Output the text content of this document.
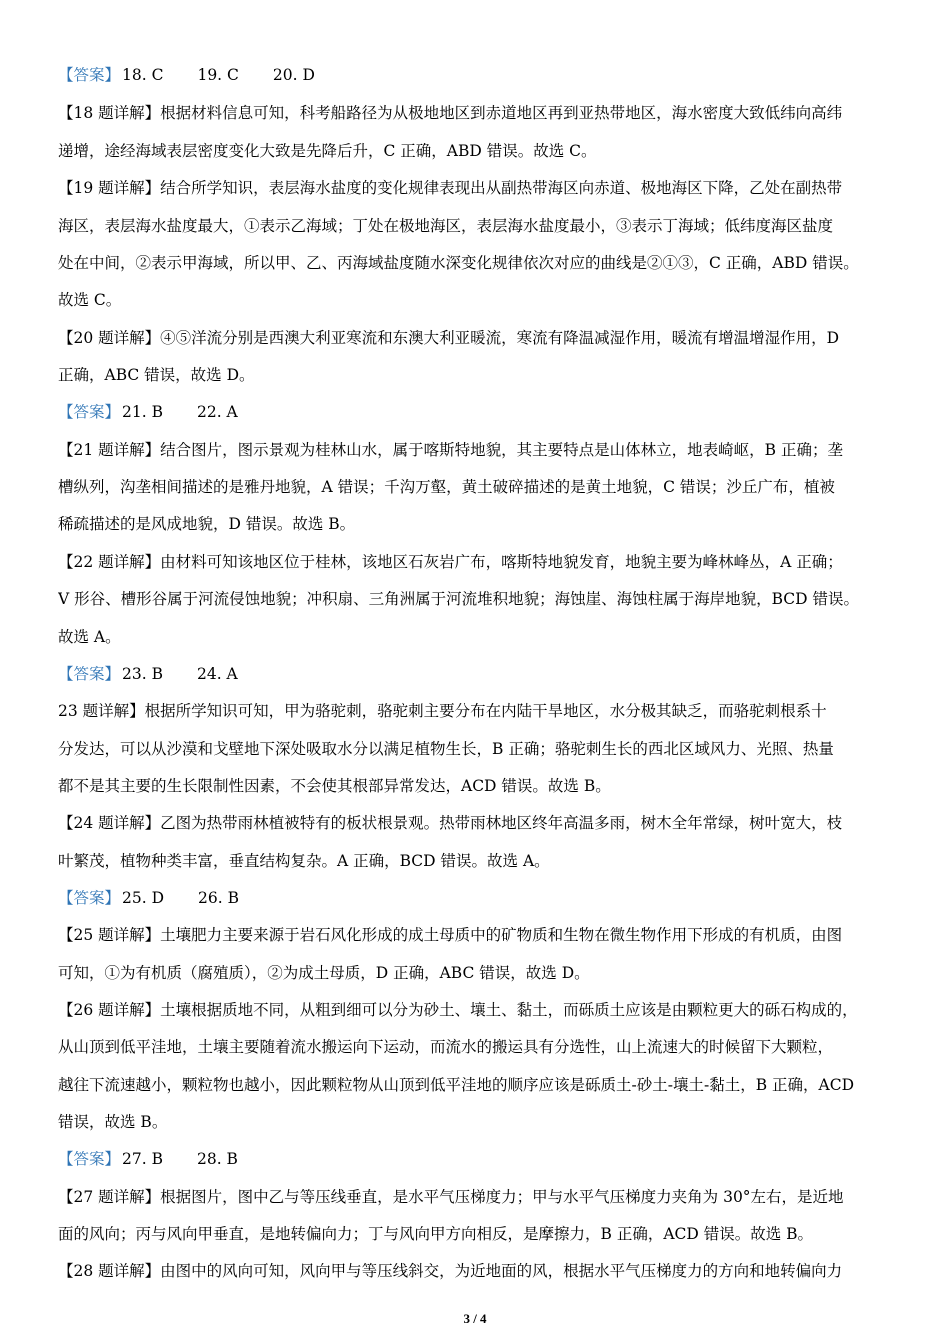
【答案】 18. C 19. C 20. D
【18 题详解】根据材料信息可知，科考船路径为从极地地区到赤道地区再到亚热带地区，海水密度大致低纬向高纬
递增，途经海域表层密度变化大致是先降后升，C 正确，ABD 错误。故选 C。
【19 题详解】结合所学知识，表层海水盐度的变化规律表现出从副热带海区向赤道、极地海区下降，乙处在副热带
海区，表层海水盐度最大，①表示乙海域；丁处在极地海区，表层海水盐度最小，③表示丁海域；低纬度海区盐度
处在中间，②表示甲海域，所以甲、乙、丙海域盐度随水深变化规律依次对应的曲线是②①③，C 正确，ABD 错误。
故选 C。
【20 题详解】④⑤洋流分别是西澳大利亚寒流和东澳大利亚暖流，寒流有降温减湿作用，暖流有增温增湿作用，D
正确，ABC 错误，故选 D。
【答案】 21. B 22. A
【21 题详解】结合图片，图示景观为桂林山水，属于喀斯特地貌，其主要特点是山体林立，地表崎岖，B 正确；垄
槽纵列，沟垄相间描述的是雅丹地貌，A 错误；千沟万壑，黄土破碎描述的是黄土地貌，C 错误；沙丘广布，植被
稀疏描述的是风成地貌，D 错误。故选 B。
【22 题详解】由材料可知该地区位于桂林，该地区石灰岩广布，喀斯特地貌发育，地貌主要为峰林峰丛，A 正确；
V 形谷、槽形谷属于河流侵蚀地貌；冲积扇、三角洲属于河流堆积地貌；海蚀崖、海蚀柱属于海岸地貌，BCD 错误。
故选 A。
【答案】 23. B 24. A
23 题详解】根据所学知识可知，甲为骆驼刺，骆驼刺主要分布在内陆干旱地区，水分极其缺乏，而骆驼刺根系十
分发达，可以从沙漠和戈壁地下深处吸取水分以满足植物生长，B 正确；骆驼刺生长的西北区域风力、光照、热量
都不是其主要的生长限制性因素，不会使其根部异常发达，ACD 错误。故选 B。
【24 题详解】乙图为热带雨林植被特有的板状根景观。热带雨林地区终年高温多雨，树木全年常绿，树叶宽大，枝
叶繁茂，植物种类丰富，垂直结构复杂。A 正确，BCD 错误。故选 A。
【答案】 25. D 26. B
【25 题详解】土壤肥力主要来源于岩石风化形成的成土母质中的矿物质和生物在微生物作用下形成的有机质，由图
可知，①为有机质（腐殖质），②为成土母质，D 正确，ABC 错误，故选 D。
【26 题详解】土壤根据质地不同，从粗到细可以分为砂土、壤土、黏土，而砾质土应该是由颗粒更大的砾石构成的，
从山顶到低平洼地，土壤主要随着流水搬运向下运动，而流水的搬运具有分选性，山上流速大的时候留下大颗粒，
越往下流速越小，颗粒物也越小，因此颗粒物从山顶到低平洼地的顺序应该是砾质土-砂土-壤土-黏土，B 正确，ACD
错误，故选 B。
【答案】 27. B 28. B
【27 题详解】根据图片，图中乙与等压线垂直，是水平气压梯度力；甲与水平气压梯度力夹角为 30°左右，是近地
面的风向；丙与风向甲垂直，是地转偏向力；丁与风向甲方向相反，是摩擦力，B 正确，ACD 错误。故选 B。
【28 题详解】由图中的风向可知，风向甲与等压线斜交，为近地面的风，根据水平气压梯度力的方向和地转偏向力
3 / 4
